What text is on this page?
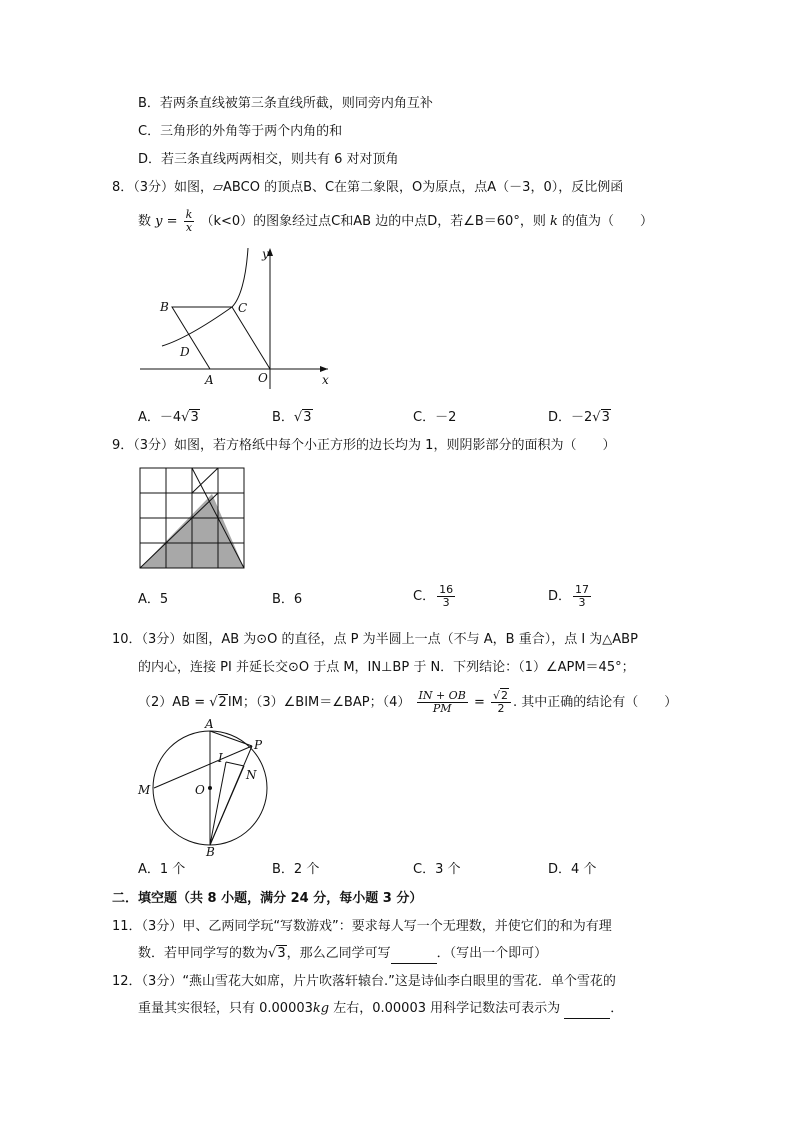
B．若两条直线被第三条直线所截，则同旁内角互补
C．三角形的外角等于两个内角的和
D．若三条直线两两相交，则共有 6 对对顶角
8．（3分）如图，▱ABCO 的顶点B、C在第二象限，O为原点，点A（－3，0），反比例函
数 $y = \frac{k}{x} (k<0)$的图象经过点C和AB 边的中点D，若∠B＝60°，则 k 的值为（　　）
y
x
B	C
D
A	O
A．－4√3	B．√3	C．－2	D．－2√3
9．（3分）如图，若方格纸中每个小正方形的边长均为 1，则阴影部分的面积为（　　）
A．5	B．6	C． $\frac{16}{3}$	D． $\frac{17}{3}$
10．（3分）如图，AB 为⊙O 的直径，点 P 为半圆上一点（不与 A，B 重合），点 I 为△ABP
的内心，连接 PI 并延长交⊙O 于点 M，IN⊥BP 于 N．下列结论：（1）∠APM＝45°；
（2）AB = √2IM；（3）∠BIM＝∠BAP；$(4) \frac{IN + OB}{PM} = \frac{√2}{2}$ . 其中正确的结论有（　　）
A
P
I
N
M	O
B
A．1 个	B．2 个	C．3 个	D．4 个
二．填空题（共 8 小题，满分 24 分，每小题 3 分）
11．（3分）甲、乙两同学玩“写数游戏”：要求每人写一个无理数，并使它们的和为有理
数．若甲同学写的数为√3，那么乙同学可写	．（写出一个即可）
12．（3分）“燕山雪花大如席，片片吹落轩辕台.”这是诗仙李白眼里的雪花．单个雪花的
重量其实很轻，只有 0.00003kg 左右，0.00003 用科学记数法可表示为	．
